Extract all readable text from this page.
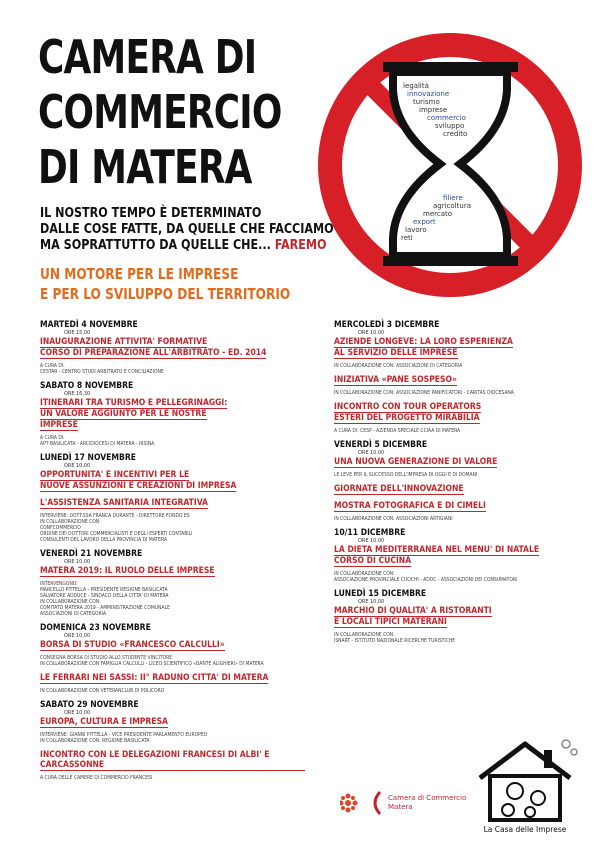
CAMERA DI
COMMERCIO
DI MATERA
IL NOSTRO TEMPO È DETERMINATO
DALLE COSE FATTE, DA QUELLE CHE FACCIAMO
MA SOPRATTUTTO DA QUELLE CHE... FAREMO
UN MOTORE PER LE IMPRESE
E PER LO SVILUPPO DEL TERRITORIO
legalità
innovazione
turismo
imprese
commercio
sviluppo
credito
filiere
agricoltura
mercato
export
lavoro
reti
MARTEDÌ 4 NOVEMBRE
ORE 15,00
INAUGURAZIONE ATTIVITA' FORMATIVE
CORSO DI PREPARAZIONE ALL'ARBITRATO - ED. 2014
A CURA DI:
CESTAR - CENTRO STUDI ARBITRATO E CONCILIAZIONE
SABATO 8 NOVEMBRE
ORE 16,30
ITINERARI TRA TURISMO E PELLEGRINAGGI:
UN VALORE AGGIUNTO PER LE NOSTRE
IMPRESE
A CURA DI:
APT BASILICATA - ARCIDIOCESI DI MATERA - IRSINA
LUNEDÌ 17 NOVEMBRE
ORE 10,00
OPPORTUNITA' E INCENTIVI PER LE
NUOVE ASSUNZIONI E CREAZIONI DI IMPRESA
L'ASSISTENZA SANITARIA INTEGRATIVA
INTERVIENE: DOTT.SSA FRANCA DURANTE - DIRETTORE FONDO ES
IN COLLABORAZIONE CON:
CONFCOMMERCIO
ORDINE DEI DOTTORI COMMERCIALISTI E DEGLI ESPERTI CONTABILI
CONSULENTI DEL LAVORO DELLA PROVINCIA DI MATERA
VENERDÌ 21 NOVEMBRE
ORE 10,00
MATERA 2019: IL RUOLO DELLE IMPRESE
INTERVENGONO:
MARCELLO PITTELLA - PRESIDENTE REGIONE BASILICATA
SALVATORE ADDUCE - SINDACO DELLA CITTA' DI MATERA
IN COLLABORAZIONE CON:
COMITATO MATERA 2019 - AMMINISTRAZIONE COMUNALE
ASSOCIAZIONI DI CATEGORIA
DOMENICA 23 NOVEMBRE
ORE 10,00
BORSA DI STUDIO «FRANCESCO CALCULLI»
CONSEGNA BORSA DI STUDIO ALLO STUDENTE VINCITORE
IN COLLABORAZIONE CON FAMIGLIA CALCULLI - LICEO SCIENTIFICO «DANTE ALIGHIERI» DI MATERA
LE FERRARI NEI SASSI: II° RADUNO CITTA' DI MATERA
IN COLLABORAZIONE CON VETERANCLUB DI POLICORO
SABATO 29 NOVEMBRE
ORE 10,00
EUROPA, CULTURA E IMPRESA
INTERVIENE: GIANNI PITTELLA - VICE PRESIDENTE PARLAMENTO EUROPEO
IN COLLABORAZIONE CON: REGIONE BASILICATA
INCONTRO CON LE DELEGAZIONI FRANCESI DI ALBI' E CARCASSONNE
A CURA DELLE CAMERE DI COMMERCIO FRANCESI
MERCOLEDÌ 3 DICEMBRE
ORE 10,00
AZIENDE LONGEVE: LA LORO ESPERIENZA
AL SERVIZIO DELLE IMPRESE
IN COLLABORAZIONE CON: ASSOCIAZIONI DI CATEGORIA
INIZIATIVA «PANE SOSPESO»
IN COLLABORAZIONE CON: ASSOCIAZIONE PANIFICATORI - CARITAS DIOCESANA
INCONTRO CON TOUR OPERATORS
ESTERI DEL PROGETTO MIRABILIA
A CURA DI: CESP - AZIENDA SPECIALE CCIAA DI MATERA
VENERDÌ 5 DICEMBRE
ORE 10,00
UNA NUOVA GENERAZIONE DI VALORE
LE LEVE PER IL SUCCESSO DELL'IMPRESA DI OGGI E DI DOMANI
GIORNATE DELL'INNOVAZIONE
MOSTRA FOTOGRAFICA E DI CIMELI
IN COLLABORAZIONE CON: ASSOCIAZIONI ARTIGIANI
10/11 DICEMBRE
ORE 10,00
LA DIETA MEDITERRANEA NEL MENU' DI NATALE
CORSO DI CUCINA
IN COLLABORAZIONE CON:
ASSOCIAZIONE PROVINCIALE CUOCHI - ADOC - ASSOCIAZIONI DEI CONSUMATORI
LUNEDÌ 15 DICEMBRE
ORE 10,00
MARCHIO DI QUALITA' A RISTORANTI
E LOCALI TIPICI MATERANI
IN COLLABORAZIONE CON:
ISNART - ISTITUTO NAZIONALE RICERCHE TURISTICHE
Camera di Commercio
Matera
La Casa delle Imprese
